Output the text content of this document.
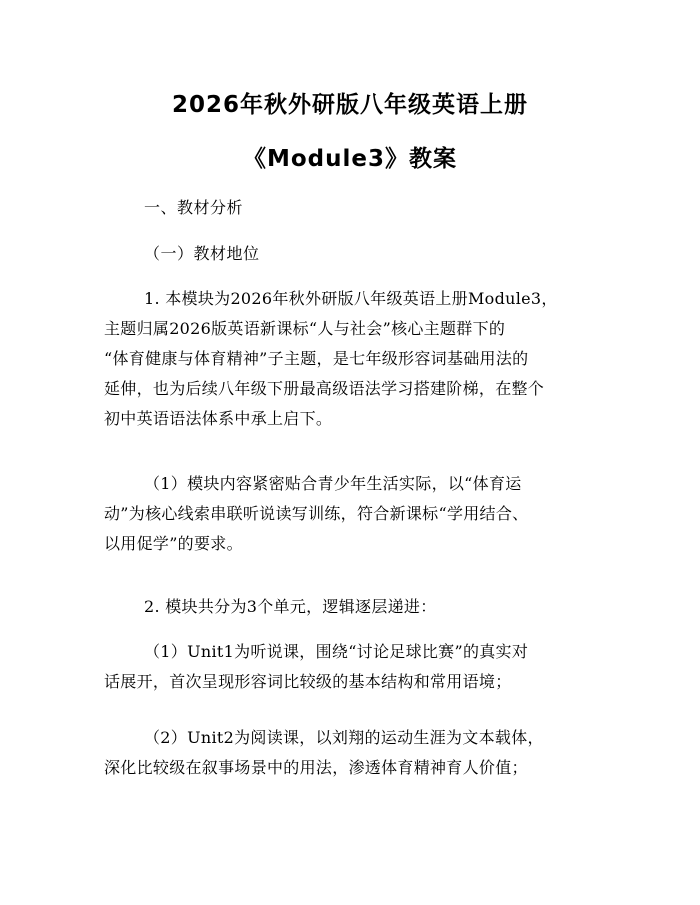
2026年秋外研版八年级英语上册
《Module3》教案

一、教材分析

（一）教材地位

1. 本模块为2026年秋外研版八年级英语上册Module3，
主题归属2026版英语新课标“人与社会”核心主题群下的
“体育健康与体育精神”子主题，是七年级形容词基础用法的
延伸，也为后续八年级下册最高级语法学习搭建阶梯，在整个
初中英语语法体系中承上启下。

（1）模块内容紧密贴合青少年生活实际，以“体育运
动”为核心线索串联听说读写训练，符合新课标“学用结合、
以用促学”的要求。

2. 模块共分为3个单元，逻辑逐层递进：

（1）Unit1为听说课，围绕“讨论足球比赛”的真实对
话展开，首次呈现形容词比较级的基本结构和常用语境；

（2）Unit2为阅读课，以刘翔的运动生涯为文本载体，
深化比较级在叙事场景中的用法，渗透体育精神育人价值；
